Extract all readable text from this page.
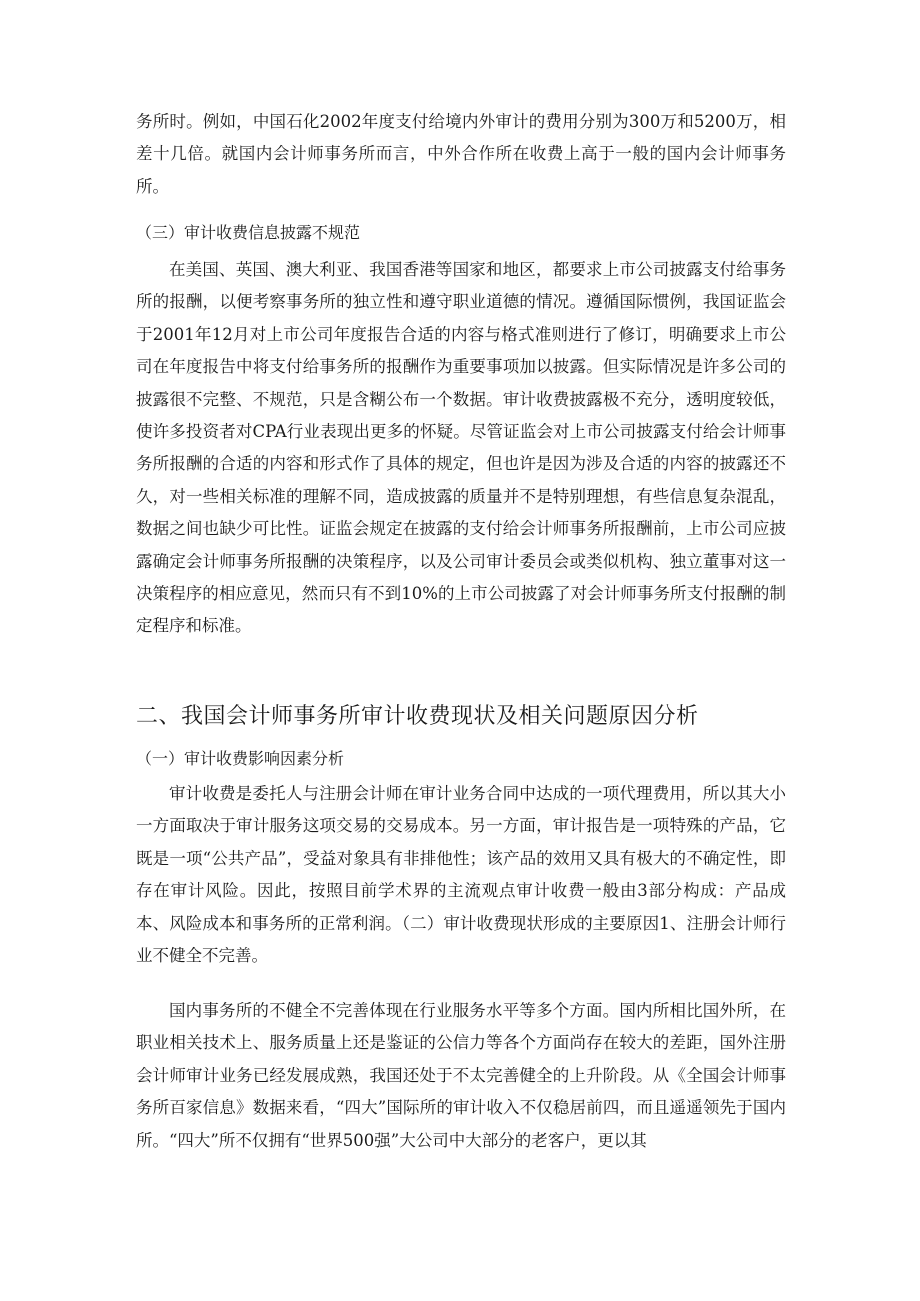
务所时。例如，中国石化2002年度支付给境内外审计的费用分别为300万和5200万，相差十几倍。就国内会计师事务所而言，中外合作所在收费上高于一般的国内会计师事务所。

（三）审计收费信息披露不规范

在美国、英国、澳大利亚、我国香港等国家和地区，都要求上市公司披露支付给事务所的报酬，以便考察事务所的独立性和遵守职业道德的情况。遵循国际惯例，我国证监会于2001年12月对上市公司年度报告合适的内容与格式准则进行了修订，明确要求上市公司在年度报告中将支付给事务所的报酬作为重要事项加以披露。但实际情况是许多公司的披露很不完整、不规范，只是含糊公布一个数据。审计收费披露极不充分，透明度较低，使许多投资者对CPA行业表现出更多的怀疑。尽管证监会对上市公司披露支付给会计师事务所报酬的合适的内容和形式作了具体的规定，但也许是因为涉及合适的内容的披露还不久，对一些相关标准的理解不同，造成披露的质量并不是特别理想，有些信息复杂混乱，数据之间也缺少可比性。证监会规定在披露的支付给会计师事务所报酬前，上市公司应披露确定会计师事务所报酬的决策程序，以及公司审计委员会或类似机构、独立董事对这一决策程序的相应意见，然而只有不到10%的上市公司披露了对会计师事务所支付报酬的制定程序和标准。

二、我国会计师事务所审计收费现状及相关问题原因分析

（一）审计收费影响因素分析

审计收费是委托人与注册会计师在审计业务合同中达成的一项代理费用，所以其大小一方面取决于审计服务这项交易的交易成本。另一方面，审计报告是一项特殊的产品，它既是一项“公共产品”，受益对象具有非排他性；该产品的效用又具有极大的不确定性，即存在审计风险。因此，按照目前学术界的主流观点审计收费一般由3部分构成：产品成本、风险成本和事务所的正常利润。（二）审计收费现状形成的主要原因1、注册会计师行业不健全不完善。

国内事务所的不健全不完善体现在行业服务水平等多个方面。国内所相比国外所，在职业相关技术上、服务质量上还是鉴证的公信力等各个方面尚存在较大的差距，国外注册会计师审计业务已经发展成熟，我国还处于不太完善健全的上升阶段。从《全国会计师事务所百家信息》数据来看，“四大”国际所的审计收入不仅稳居前四，而且遥遥领先于国内所。“四大”所不仅拥有“世界500强”大公司中大部分的老客户，更以其
